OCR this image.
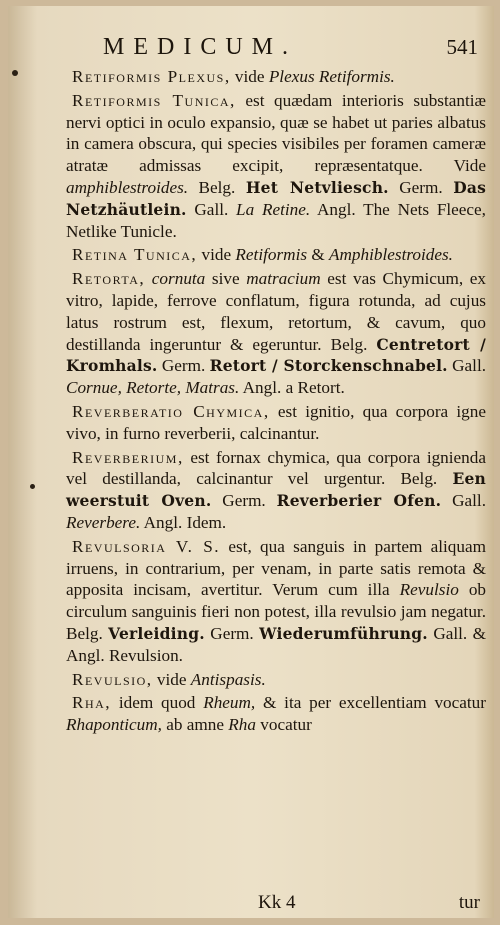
MEDICUM.	541

Retiformis Plexus, vide Plexus Retiformis.

Retiformis Tunica, est quædam interioris substantiæ nervi optici in oculo expansio, quæ se habet ut paries albatus in camera obscura, qui species visibiles per foramen cameræ atratæ admissas excipit, repræsentatque. Vide amphiblestroides. Belg. Het Netvliesch. Germ. Das Netzhäutlein. Gall. La Retine. Angl. The Nets Fleece, Netlike Tunicle.

Retina Tunica, vide Retiformis & Amphiblestroides.

Retorta, cornuta sive matracium est vas Chymicum, ex vitro, lapide, ferrove conflatum, figura rotunda, ad cujus latus rostrum est, flexum, retortum, & cavum, quo destillanda ingeruntur & egeruntur. Belg. Centretort / Kromhals. Germ. Retort / Storckenschnabel. Gall. Cornue, Retorte, Matras. Angl. a Retort.

Reverberatio Chymica, est ignitio, qua corpora igne vivo, in furno reverberii, calcinantur.

Reverberium, est fornax chymica, qua corpora ignienda vel destillanda, calcinantur vel urgentur. Belg. Een weerstuit Oven. Germ. Reverberier Ofen. Gall. Reverbere. Angl. Idem.

Revulsoria V. S. est, qua sanguis in partem aliquam irruens, in contrarium, per venam, in parte satis remota & apposita incisam, avertitur. Verum cum illa Revulsio ob circulum sanguinis fieri non potest, illa revulsio jam negatur. Belg. Verleiding. Germ. Wiederumführung. Gall. & Angl. Revulsion.

Revulsio, vide Antispasis.

Rha, idem quod Rheum, & ita per excellentiam vocatur Rhaponticum, ab amne Rha vocatur

Kk 4	tur
